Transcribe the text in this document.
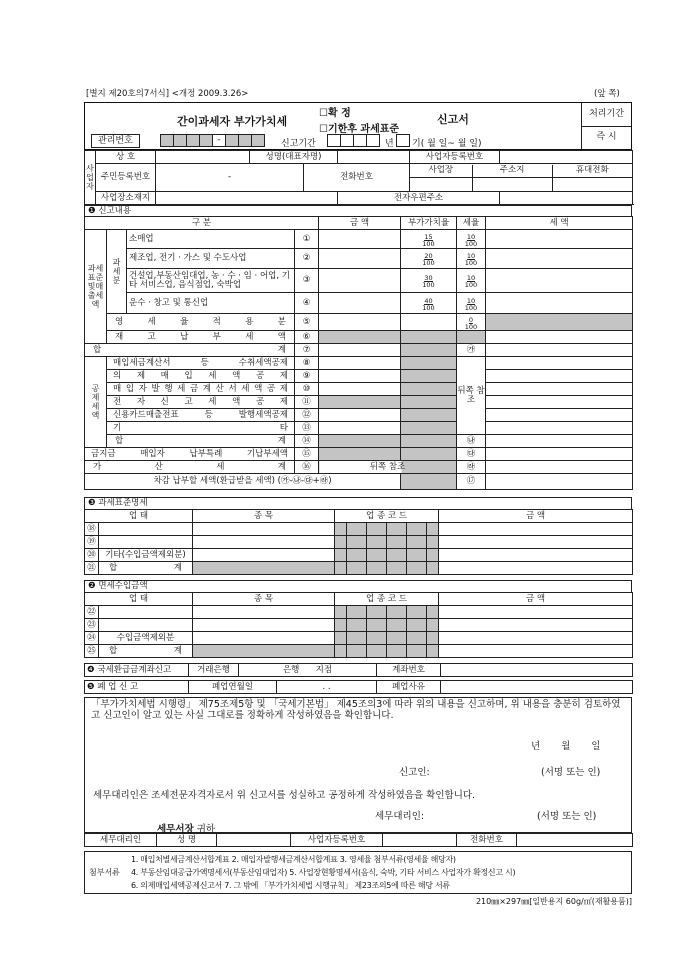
[별지 제20호의7서식] <개정 2009.3.26>	(앞 쪽)
간이과세자 부가가치세
☐확 정
☐기한후 과세표준
신고서	처리기간
즉 시
관리번호	-	신고기간	년 기( 월 일~ 월 일)
사업자	상 호		성명(대표자명)		사업자등록번호	
주민등록번호	-	전화번호	
사업장	주소지	휴대전화

사업장소재지		전자우편주소	
❶ 신고내용
구 분				금 액	부가가치율	세율	세 액
과세표준및매출세액	과세분	소매업	①		$\frac{15}{100}$	$\frac{10}{100}$

		제조업, 전기 · 가스 및 수도사업	②		$\frac{20}{100}$	$\frac{10}{100}$

		건설업,부동산임대업, 농 · 수 · 임 · 어업, 기타 서비스업, 음식점업, 숙박업	③		$\frac{30}{100}$	$\frac{10}{100}$

		운수 · 창고 및 통신업	④		$\frac{40}{100}$	$\frac{10}{100}$

	영 세 율 적 용 분		⑤			$\frac{0}{100}$

	재 고 납 부 세 액		⑥				
합 계			⑦			㉮	
공제세액	매입세금계산서 등 수취세액공제		⑧			뒤쪽 참조	
	의 제 매 입 세 액 공 제		⑨				
	매 입 자 발 행 세 금 계 산 서 세 액 공 제		⑩				
	전 자 신 고 세 액 공 제		⑪				
	신용카드매출전표 등 발행세액공제		⑫				
	기 타		⑬				
	합 계		⑭			㉯	
금지금 매입자 납부특례 기납부세액			⑮			㉰	
가 산 세 계			⑯	뒤쪽 참조		㉱	
차감 납부할 세액(환급받을 세액) (㉮-㉯-㉰+㉱)						⑰	
❸ 과세표준명세
업 태		종 목	업 종 코 드						금 액
⑱									
⑲									
⑳	기타(수입금액제외분)								
㉑	합 계								
❷ 면세수입금액
업 태		종 목	업 종 코 드						금 액
㉒									
㉓									
㉔	수입금액제외분								
㉕	합 계								
❹ 국세환급금계좌신고	거래은행	은행 지점	계좌번호	
❺ 폐 업 신 고	폐업연월일	. .	폐업사유	
「부가가치세법 시행령」 제75조제5항 및 「국세기본법」 제45조의3에 따라 위의 내용을 신고하며, 위 내용을 충분히 검토하였고 신고인이 알고 있는 사실 그대로를 정확하게 작성하였음을 확인합니다.
년 월 일
신고인:	(서명 또는 인)
세무대리인은 조세전문자격자로서 위 신고서를 성실하고 공정하게 작성하였음을 확인합니다.
세무대리인:	(서명 또는 인)
세무서장 귀하
세무대리인	성 명		사업자등록번호		전화번호	
첨부서류
1. 매입처별세금계산서합계표 2. 매입자발행세금계산서합계표 3. 영세율 첨부서류(영세율 해당자)
4. 부동산임대공급가액명세서(부동산임대업자) 5. 사업장현황명세서(음식, 숙박, 기타 서비스 사업자가 확정신고 시)
6. 의제매입세액공제신고서 7. 그 밖에 「부가가치세법 시행규칙」 제23조의5에 따른 해당 서류
210㎜×297㎜[일반용지 60g/㎡(재활용품)]
